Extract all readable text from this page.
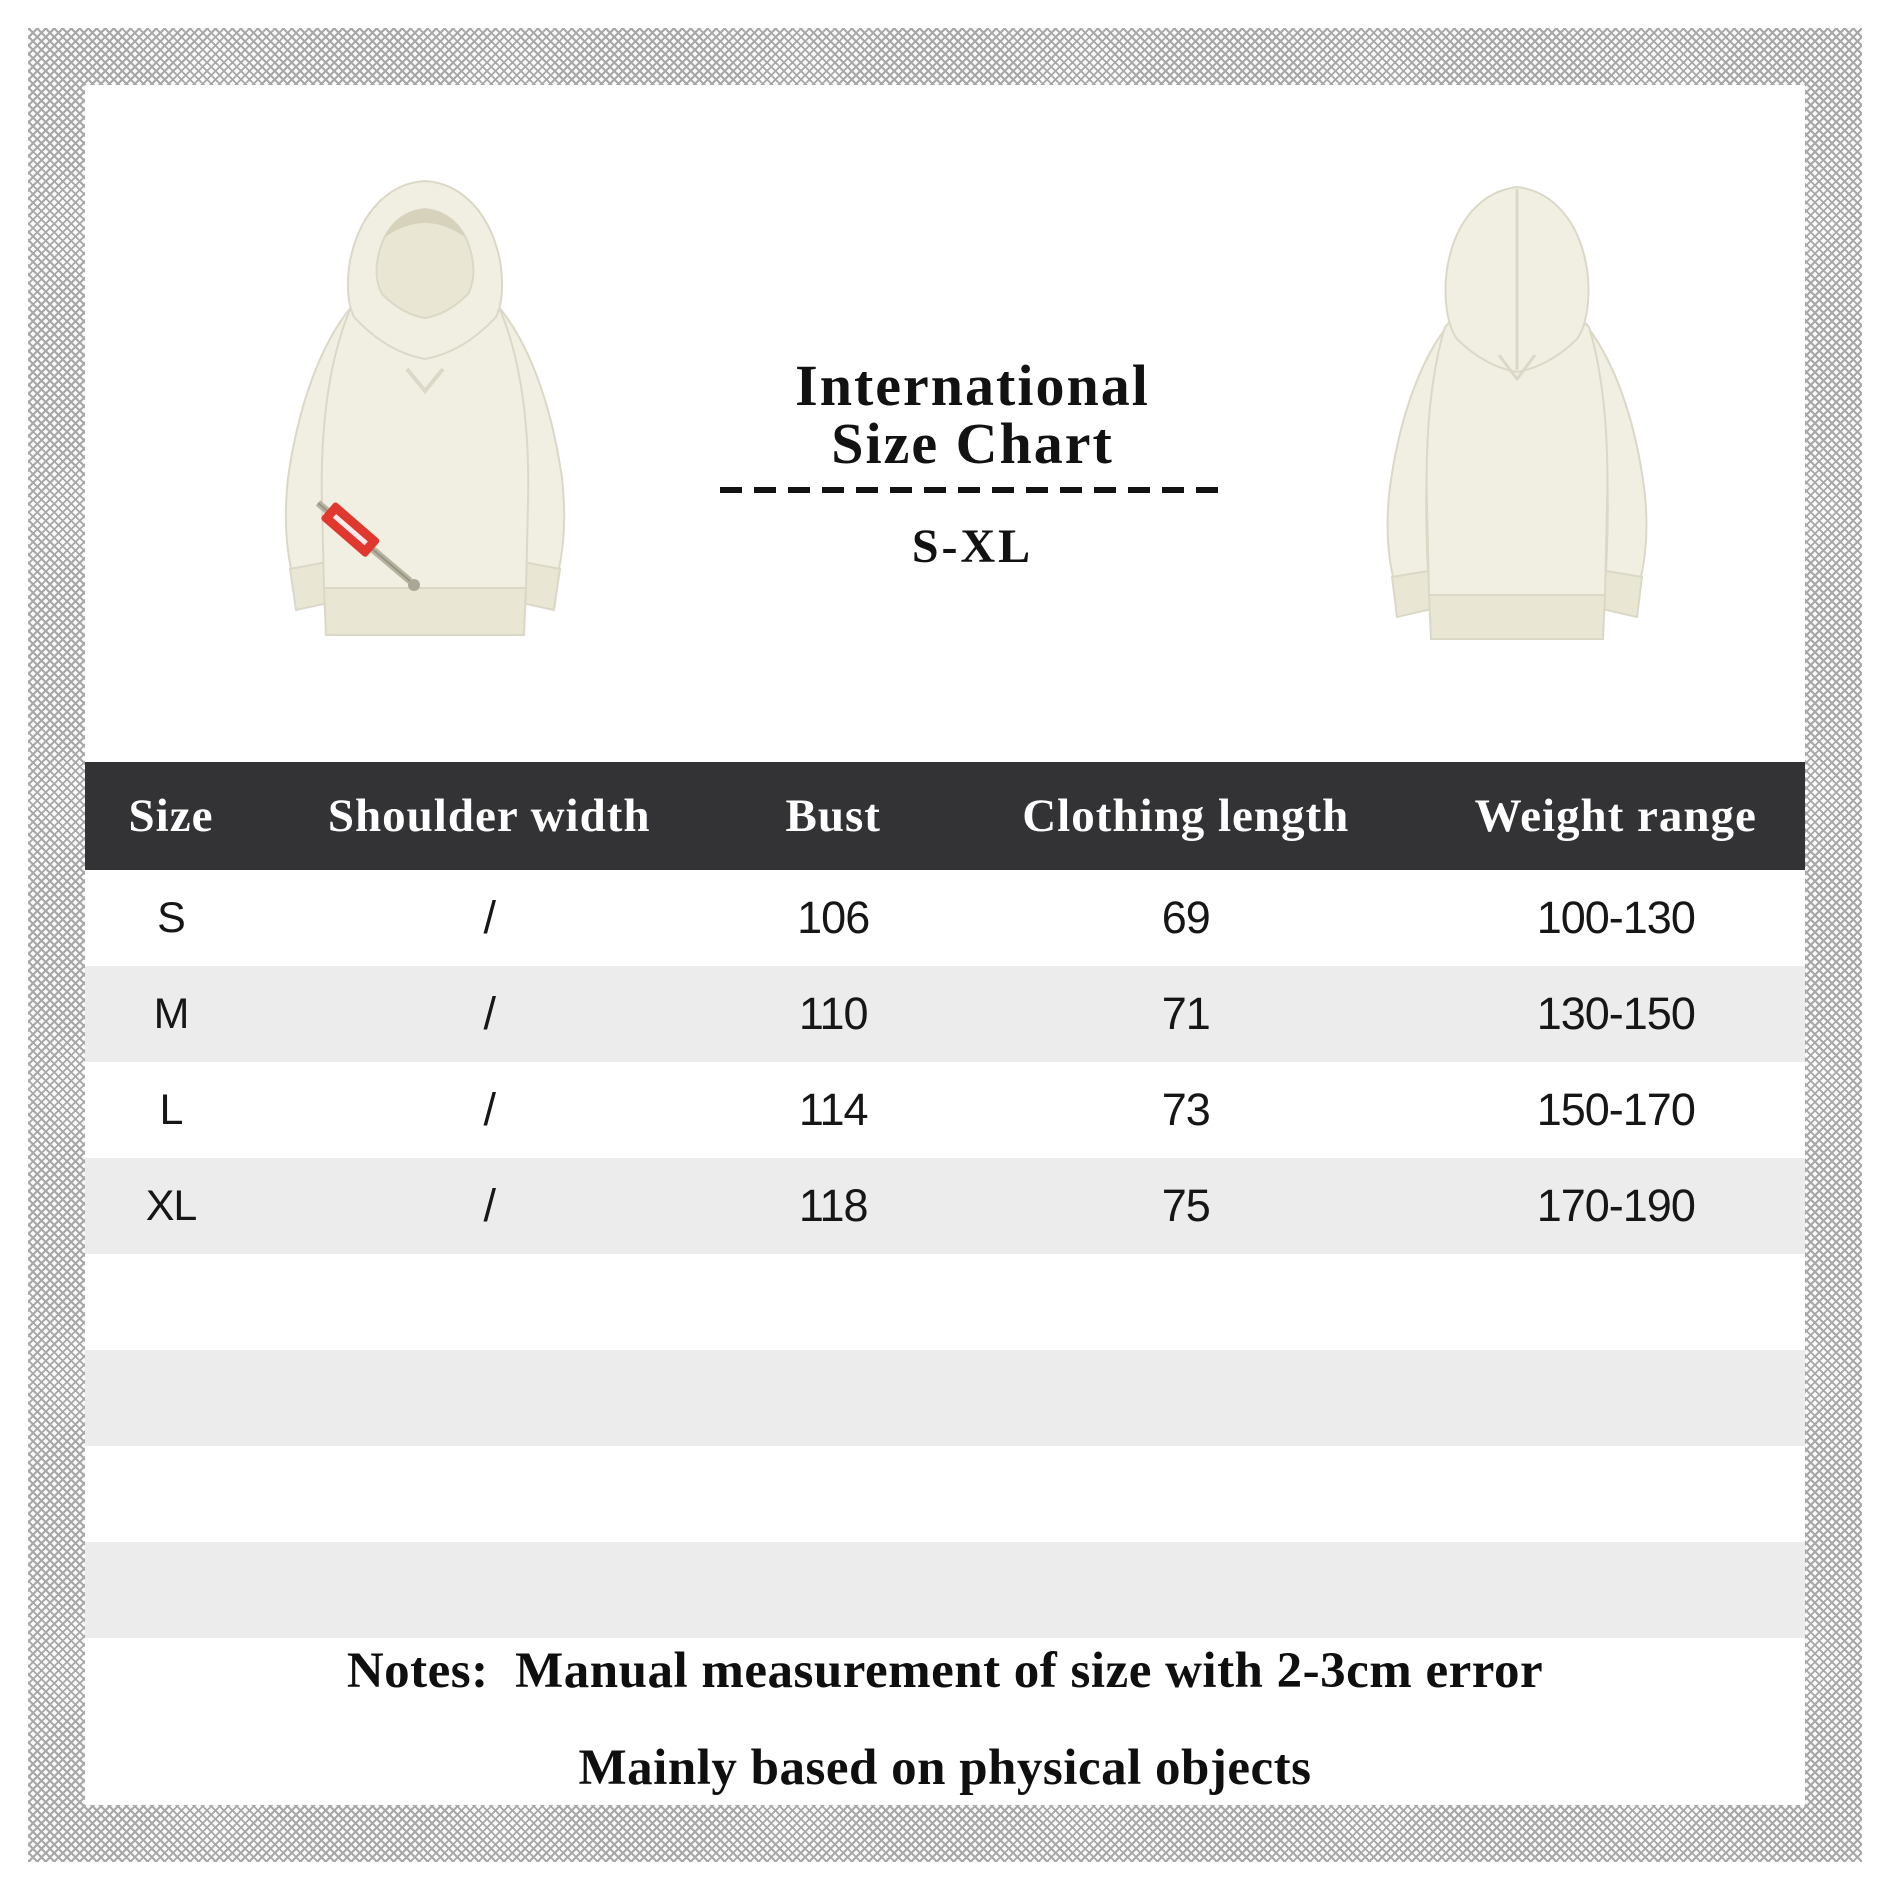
International
Size Chart
S-XL
Size	Shoulder width	Bust	Clothing length	Weight range
S	/	106	69	100-130
M	/	110	71	130-150
L	/	114	73	150-170
XL	/	118	75	170-190

Notes:  Manual measurement of size with 2-3cm error
Mainly based on physical objects
